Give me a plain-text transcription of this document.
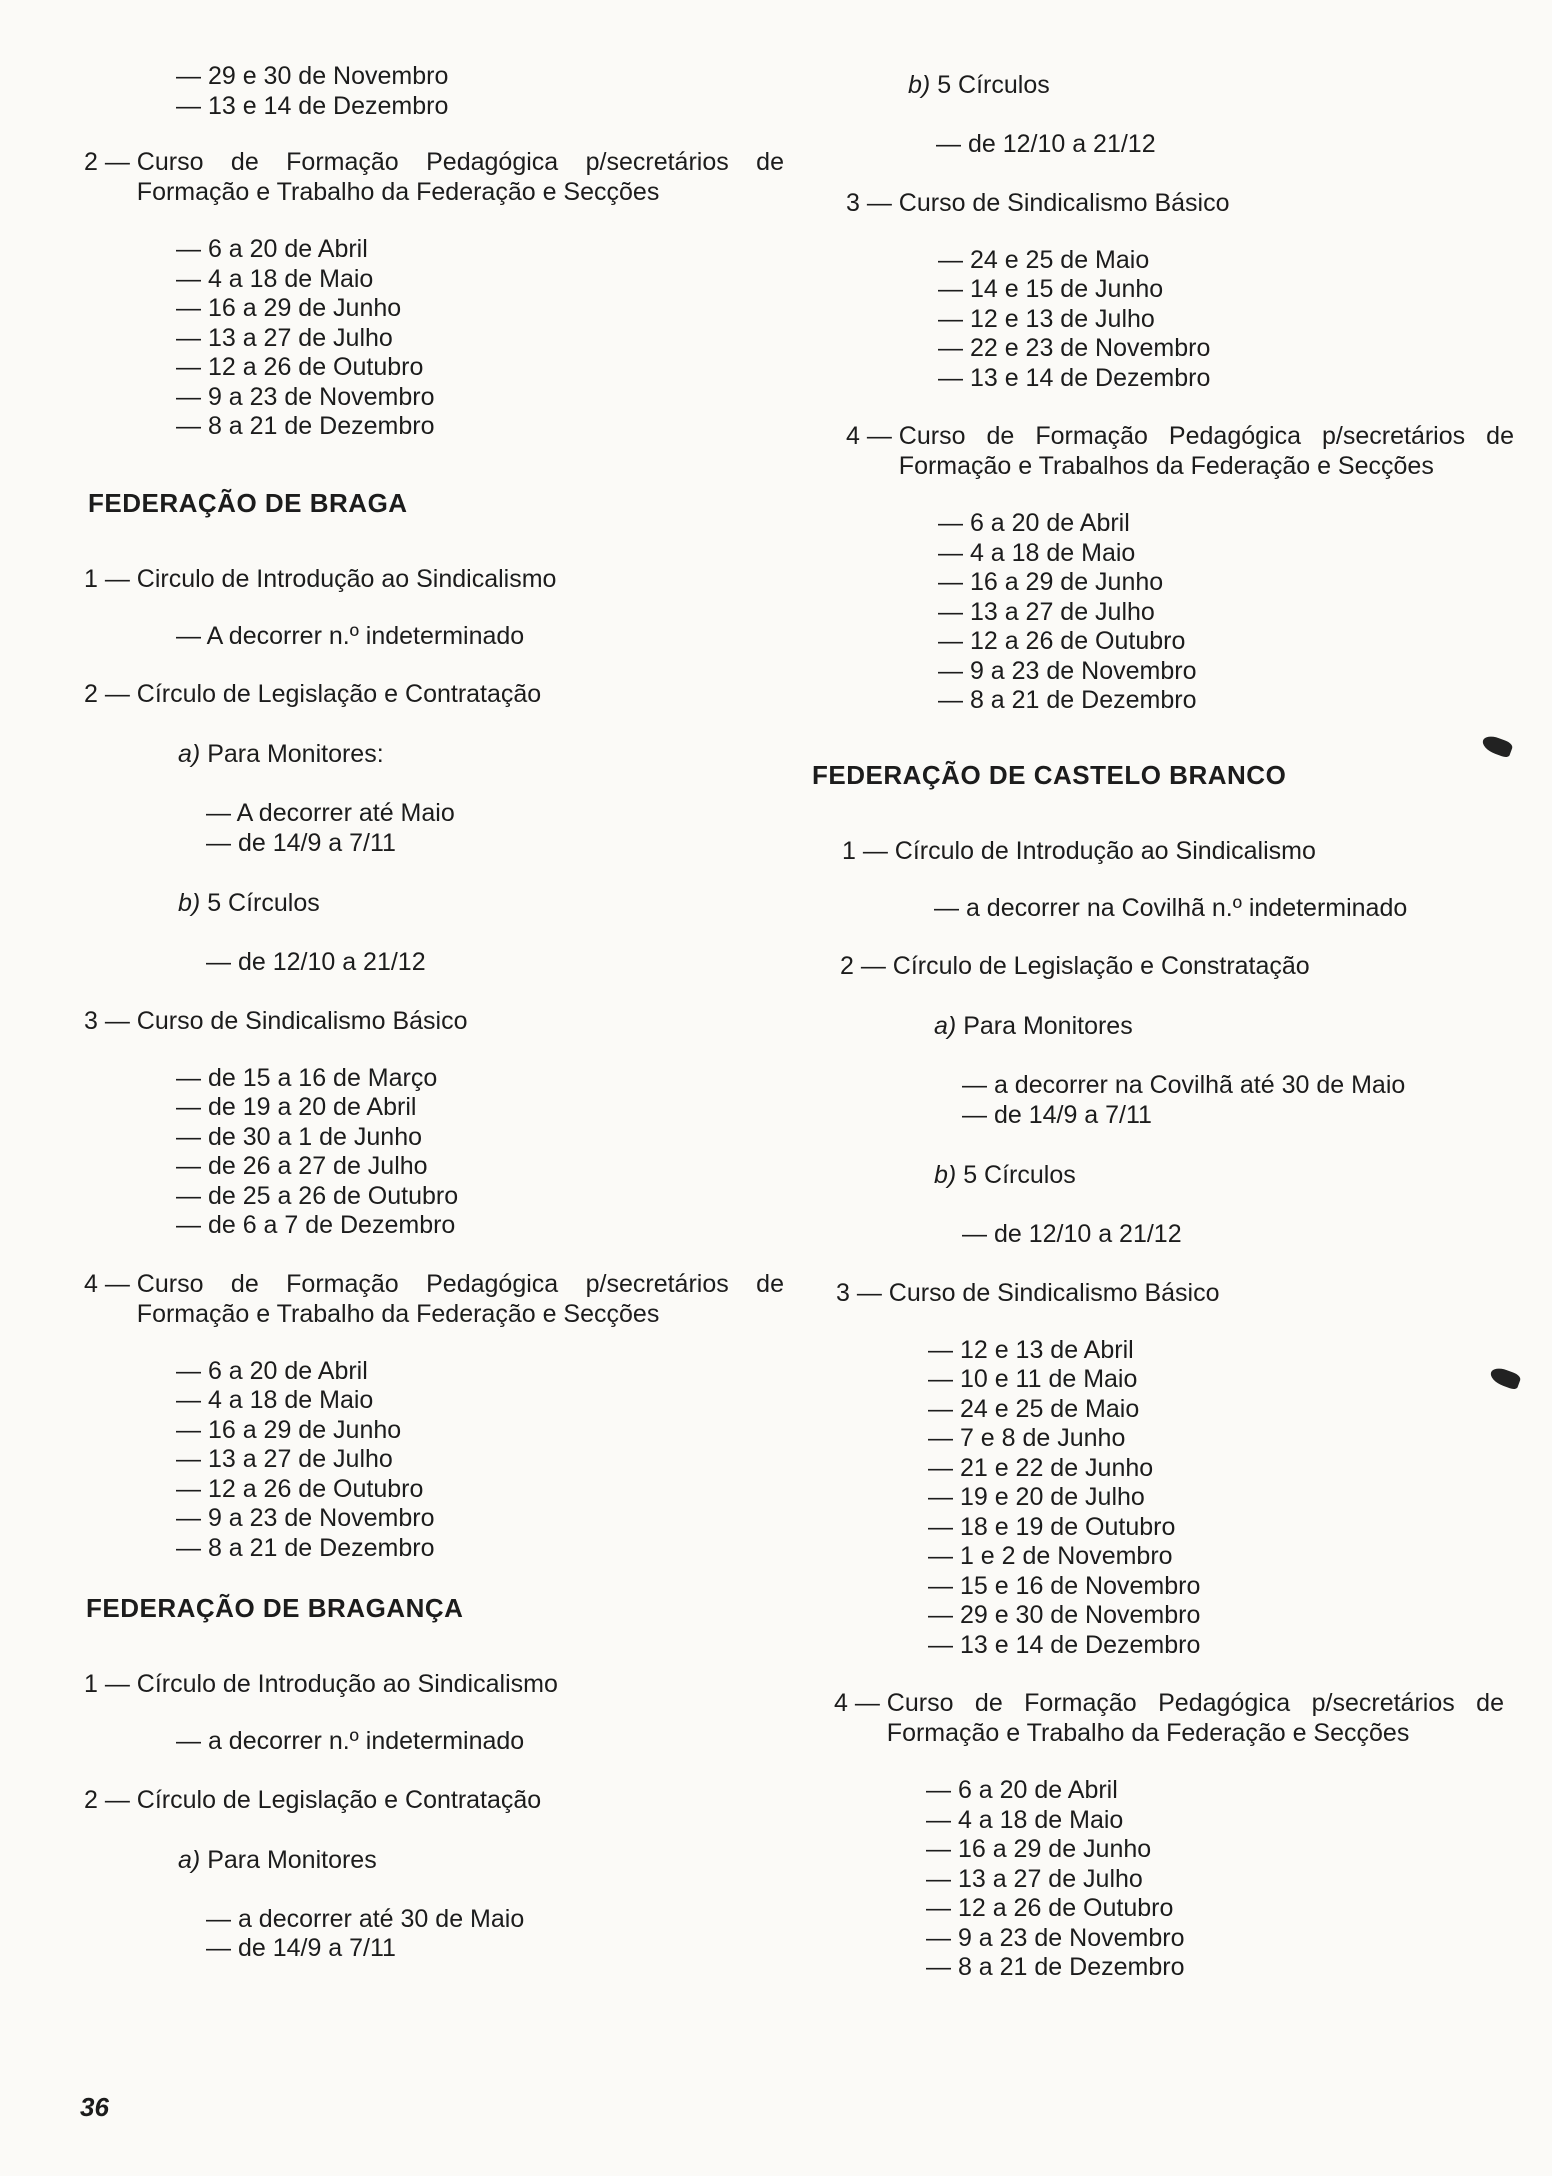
— 29 e 30 de Novembro
— 13 e 14 de Dezembro
2 — Curso de Formação Pedagógica p/secretários de Formação e Trabalho da Federação e Secções
— 6 a 20 de Abril
— 4 a 18 de Maio
— 16 a 29 de Junho
— 13 a 27 de Julho
— 12 a 26 de Outubro
— 9 a 23 de Novembro
— 8 a 21 de Dezembro
FEDERAÇÃO DE BRAGA
1 — Circulo de Introdução ao Sindicalismo
— A decorrer n.º indeterminado
2 — Círculo de Legislação e Contratação
a) Para Monitores:
— A decorrer até Maio
— de 14/9 a 7/11
b) 5 Círculos
— de 12/10 a 21/12
3 — Curso de Sindicalismo Básico
— de 15 a 16 de Março
— de 19 a 20 de Abril
— de 30 a 1 de Junho
— de 26 a 27 de Julho
— de 25 a 26 de Outubro
— de 6 a 7 de Dezembro
4 — Curso de Formação Pedagógica p/secretários de Formação e Trabalho da Federação e Secções
— 6 a 20 de Abril
— 4 a 18 de Maio
— 16 a 29 de Junho
— 13 a 27 de Julho
— 12 a 26 de Outubro
— 9 a 23 de Novembro
— 8 a 21 de Dezembro
FEDERAÇÃO DE BRAGANÇA
1 — Círculo de Introdução ao Sindicalismo
— a decorrer n.º indeterminado
2 — Círculo de Legislação e Contratação
a) Para Monitores
— a decorrer até 30 de Maio
— de 14/9 a 7/11
b) 5 Círculos
— de 12/10 a 21/12
3 — Curso de Sindicalismo Básico
— 24 e 25 de Maio
— 14 e 15 de Junho
— 12 e 13 de Julho
— 22 e 23 de Novembro
— 13 e 14 de Dezembro
4 — Curso de Formação Pedagógica p/secretários de Formação e Trabalhos da Federação e Secções
— 6 a 20 de Abril
— 4 a 18 de Maio
— 16 a 29 de Junho
— 13 a 27 de Julho
— 12 a 26 de Outubro
— 9 a 23 de Novembro
— 8 a 21 de Dezembro
FEDERAÇÃO DE CASTELO BRANCO
1 — Círculo de Introdução ao Sindicalismo
— a decorrer na Covilhã n.º indeterminado
2 — Círculo de Legislação e Constratação
a) Para Monitores
— a decorrer na Covilhã até 30 de Maio
— de 14/9 a 7/11
b) 5 Círculos
— de 12/10 a 21/12
3 — Curso de Sindicalismo Básico
— 12 e 13 de Abril
— 10 e 11 de Maio
— 24 e 25 de Maio
— 7 e 8 de Junho
— 21 e 22 de Junho
— 19 e 20 de Julho
— 18 e 19 de Outubro
— 1 e 2 de Novembro
— 15 e 16 de Novembro
— 29 e 30 de Novembro
— 13 e 14 de Dezembro
4 — Curso de Formação Pedagógica p/secretários de Formação e Trabalho da Federação e Secções
— 6 a 20 de Abril
— 4 a 18 de Maio
— 16 a 29 de Junho
— 13 a 27 de Julho
— 12 a 26 de Outubro
— 9 a 23 de Novembro
— 8 a 21 de Dezembro
36
